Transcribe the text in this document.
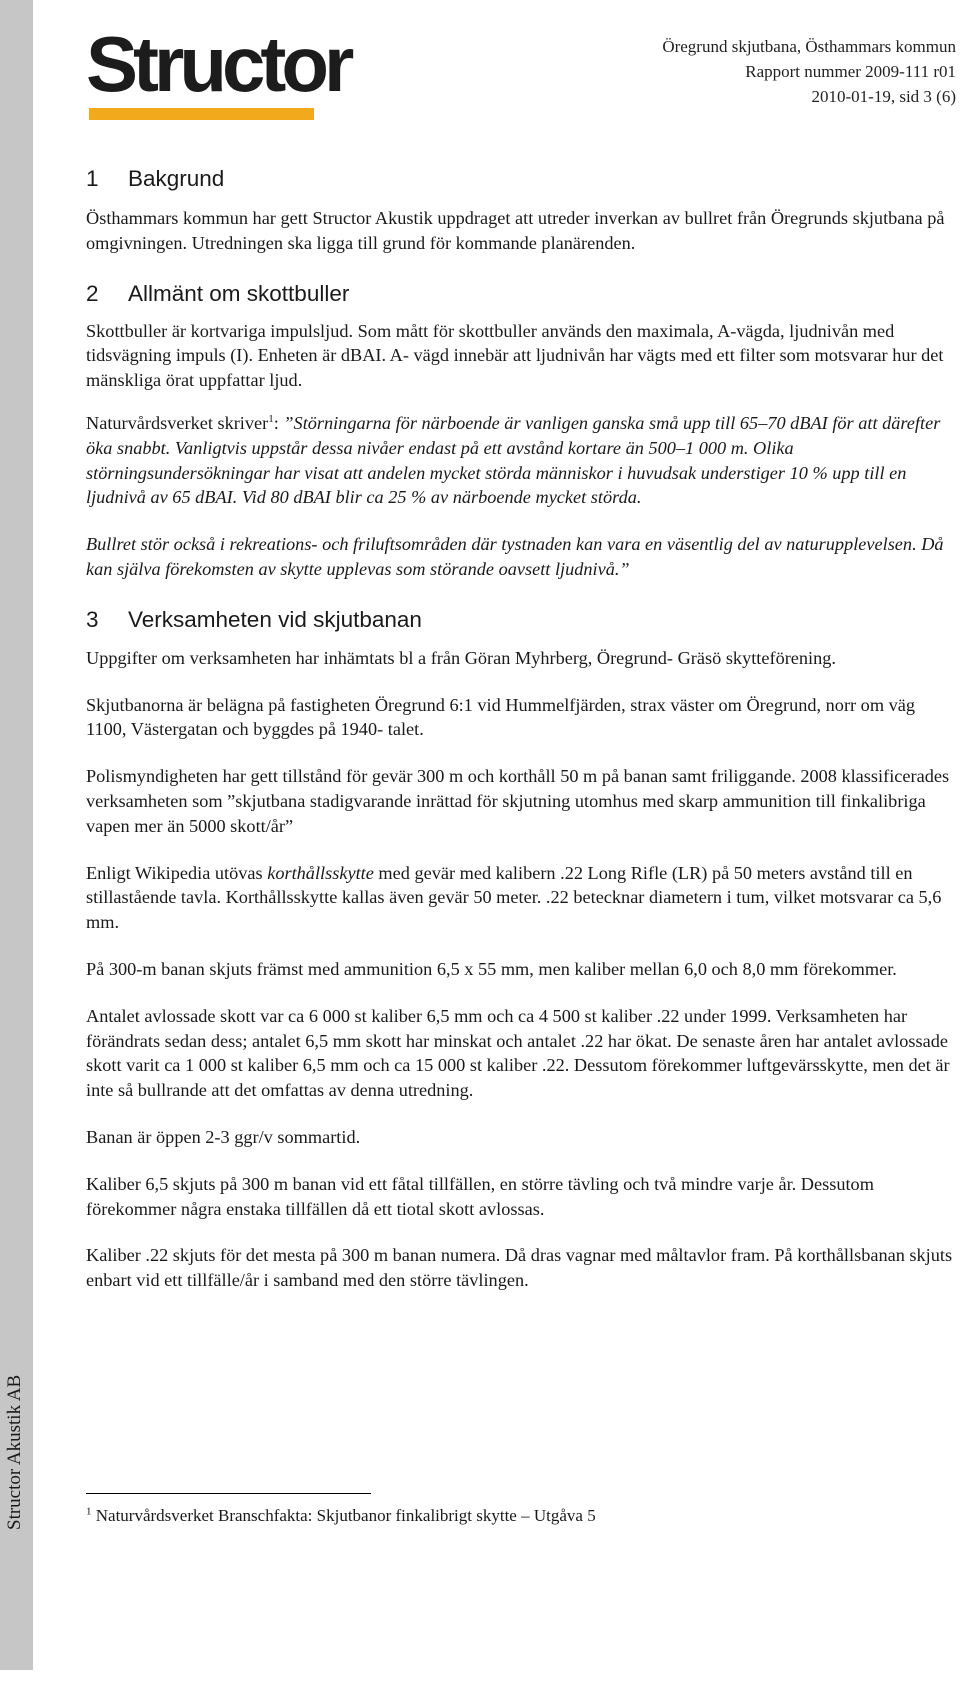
Structor Akustik AB
Structor	Öregrund skjutbana, Östhammars kommun
Rapport nummer 2009-111 r01
2010-01-19, sid 3 (6)
1	Bakgrund

Östhammars kommun har gett Structor Akustik uppdraget att utreder inverkan av bullret från Öregrunds skjutbana på omgivningen. Utredningen ska ligga till grund för kommande planärenden.

2	Allmänt om skottbuller

Skottbuller är kortvariga impulsljud. Som mått för skottbuller används den maximala, A-vägda, ljudnivån med tidsvägning impuls (I). Enheten är dBAI. A- vägd innebär att ljudnivån har vägts med ett filter som motsvarar hur det mänskliga örat uppfattar ljud.

Naturvårdsverket skriver$^1$: ”Störningarna för närboende är vanligen ganska små upp till 65–70 dBAI för att därefter öka snabbt. Vanligtvis uppstår dessa nivåer endast på ett avstånd kortare än 500–1 000 m. Olika störningsundersökningar har visat att andelen mycket störda människor i huvudsak understiger 10 % upp till en ljudnivå av 65 dBAI. Vid 80 dBAI blir ca 25 % av närboende mycket störda.

Bullret stör också i rekreations- och friluftsområden där tystnaden kan vara en väsentlig del av naturupplevelsen. Då kan själva förekomsten av skytte upplevas som störande oavsett ljudnivå.”

3	Verksamheten vid skjutbanan

Uppgifter om verksamheten har inhämtats bl a från Göran Myhrberg, Öregrund- Gräsö skytteförening.

Skjutbanorna är belägna på fastigheten Öregrund 6:1 vid Hummelfjärden, strax väster om Öregrund, norr om väg 1100, Västergatan och byggdes på 1940- talet.

Polismyndigheten har gett tillstånd för gevär 300 m och korthåll 50 m på banan samt friliggande. 2008 klassificerades verksamheten som ”skjutbana stadigvarande inrättad för skjutning utomhus med skarp ammunition till finkalibriga vapen mer än 5000 skott/år”

Enligt Wikipedia utövas korthållsskytte med gevär med kalibern .22 Long Rifle (LR) på 50 meters avstånd till en stillastående tavla. Korthållsskytte kallas även gevär 50 meter. .22 betecknar diametern i tum, vilket motsvarar ca 5,6 mm.

På 300-m banan skjuts främst med ammunition 6,5 x 55 mm, men kaliber mellan 6,0 och 8,0 mm förekommer.

Antalet avlossade skott var ca 6 000 st kaliber 6,5 mm och ca 4 500 st kaliber .22 under 1999. Verksamheten har förändrats sedan dess; antalet 6,5 mm skott har minskat och antalet .22 har ökat. De senaste åren har antalet avlossade skott varit ca 1 000 st kaliber 6,5 mm och ca 15 000 st kaliber .22. Dessutom förekommer luftgevärsskytte, men det är inte så bullrande att det omfattas av denna utredning.

Banan är öppen 2-3 ggr/v sommartid.

Kaliber 6,5 skjuts på 300 m banan vid ett fåtal tillfällen, en större tävling och två mindre varje år. Dessutom förekommer några enstaka tillfällen då ett tiotal skott avlossas.

Kaliber .22 skjuts för det mesta på 300 m banan numera. Då dras vagnar med måltavlor fram. På korthållsbanan skjuts enbart vid ett tillfälle/år i samband med den större tävlingen.

$^1$ Naturvårdsverket Branschfakta: Skjutbanor finkalibrigt skytte – Utgåva 5
